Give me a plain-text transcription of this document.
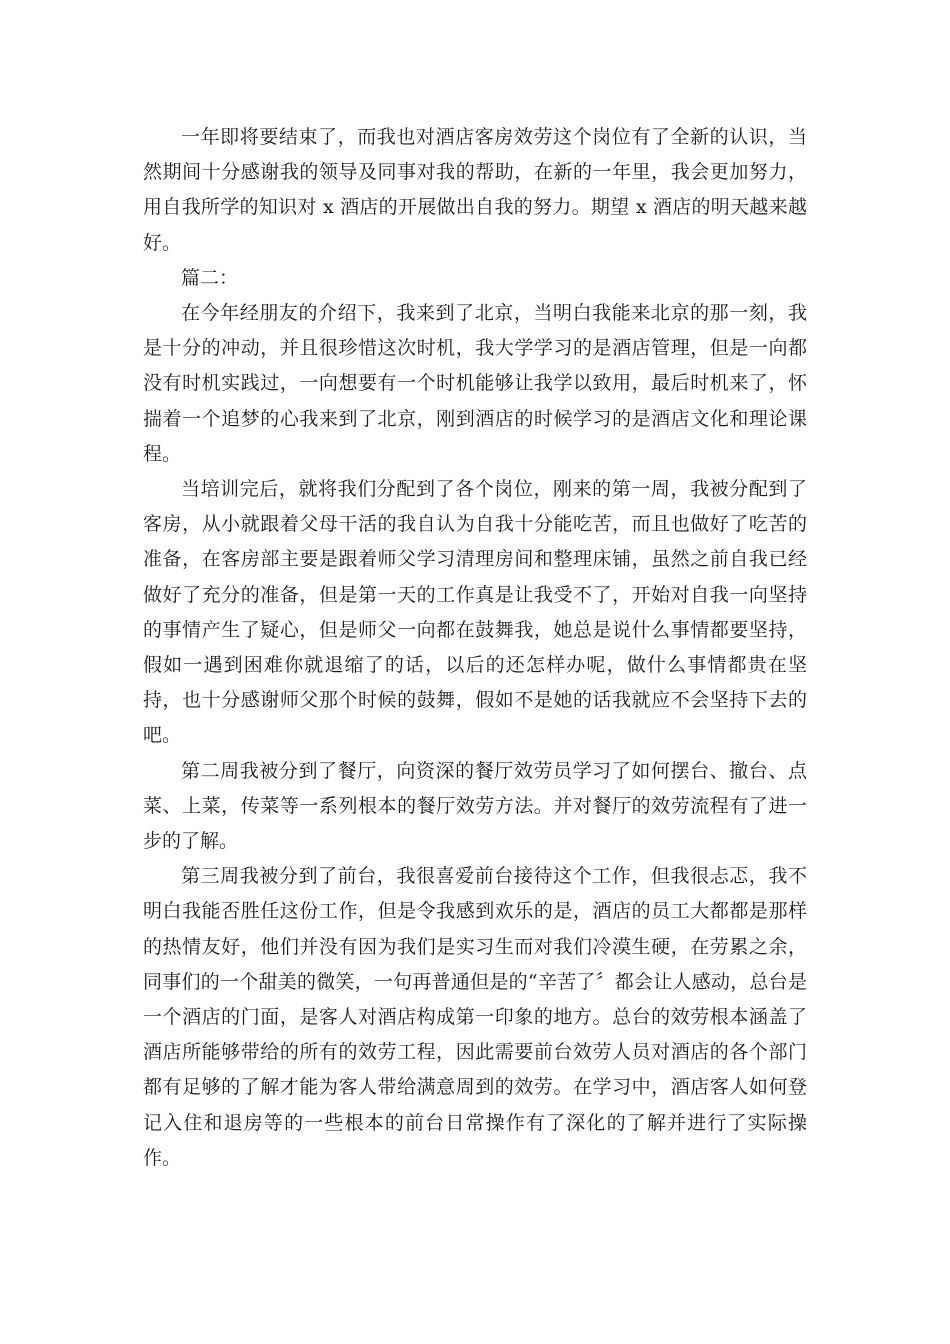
一年即将要结束了，而我也对酒店客房效劳这个岗位有了全新的认识，当然期间十分感谢我的领导及同事对我的帮助，在新的一年里，我会更加努力，用自我所学的知识对 x 酒店的开展做出自我的努力。期望 x 酒店的明天越来越好。

篇二：

在今年经朋友的介绍下，我来到了北京，当明白我能来北京的那一刻，我是十分的冲动，并且很珍惜这次时机，我大学学习的是酒店管理，但是一向都没有时机实践过，一向想要有一个时机能够让我学以致用，最后时机来了，怀揣着一个追梦的心我来到了北京，刚到酒店的时候学习的是酒店文化和理论课程。

当培训完后，就将我们分配到了各个岗位，刚来的第一周，我被分配到了客房，从小就跟着父母干活的我自认为自我十分能吃苦，而且也做好了吃苦的准备，在客房部主要是跟着师父学习清理房间和整理床铺，虽然之前自我已经做好了充分的准备，但是第一天的工作真是让我受不了，开始对自我一向坚持的事情产生了疑心，但是师父一向都在鼓舞我，她总是说什么事情都要坚持，假如一遇到困难你就退缩了的话，以后的还怎样办呢，做什么事情都贵在坚持，也十分感谢师父那个时候的鼓舞，假如不是她的话我就应不会坚持下去的吧。

第二周我被分到了餐厅，向资深的餐厅效劳员学习了如何摆台、撤台、点菜、上菜，传菜等一系列根本的餐厅效劳方法。并对餐厅的效劳流程有了进一步的了解。

第三周我被分到了前台，我很喜爱前台接待这个工作，但我很忐忑，我不明白我能否胜任这份工作，但是令我感到欢乐的是，酒店的员工大都都是那样的热情友好，他们并没有因为我们是实习生而对我们冷漠生硬，在劳累之余，同事们的一个甜美的微笑，一句再普通但是的“辛苦了〞都会让人感动，总台是一个酒店的门面，是客人对酒店构成第一印象的地方。总台的效劳根本涵盖了酒店所能够带给的所有的效劳工程，因此需要前台效劳人员对酒店的各个部门都有足够的了解才能为客人带给满意周到的效劳。在学习中，酒店客人如何登记入住和退房等的一些根本的前台日常操作有了深化的了解并进行了实际操作。
